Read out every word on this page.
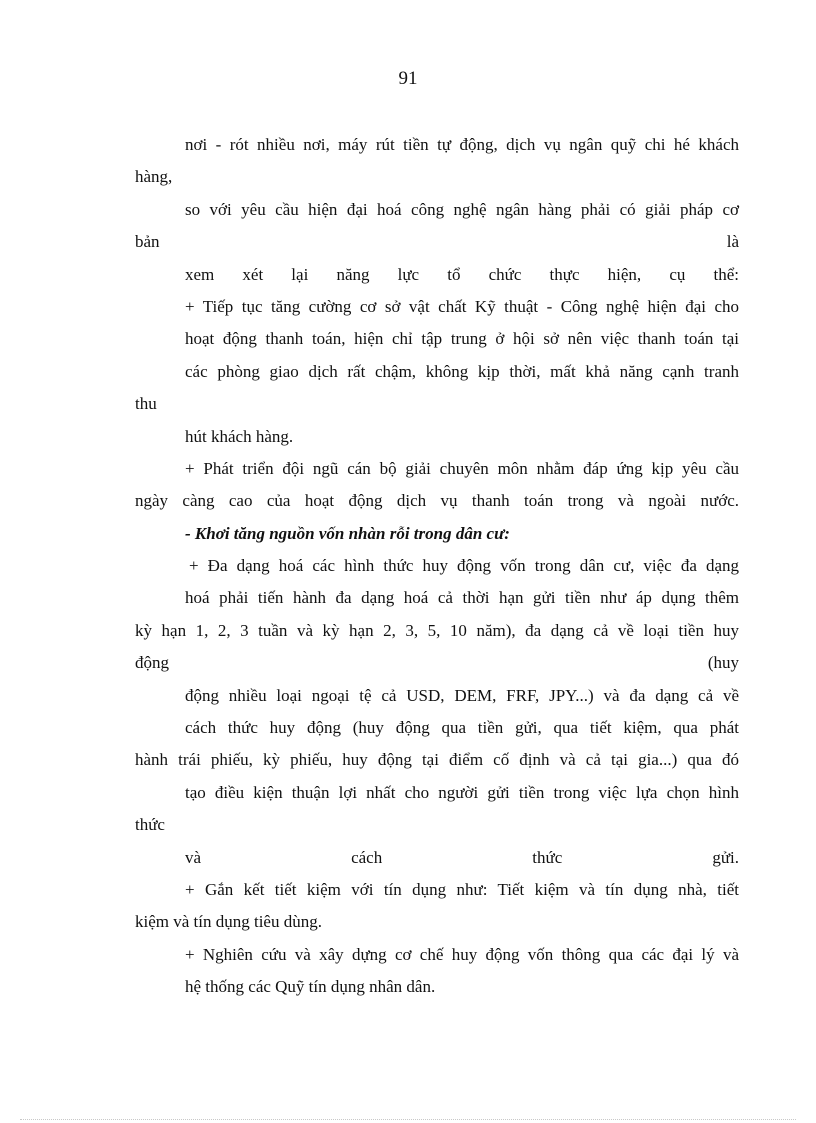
91
nơi - rót nhiều nơi, máy rút tiền tự động, dịch vụ ngân quỹ chi hé khách
hàng,
so với yêu cầu hiện đại hoá công nghệ ngân hàng phải có giải pháp cơ
bản	là
xem xét lại năng lực tổ chức thực hiện, cụ thể:
+ Tiếp tục tăng cường cơ sở vật chất Kỹ thuật - Công nghệ hiện đại cho
hoạt động thanh toán, hiện chỉ tập trung ở hội sở nên việc thanh toán tại
các phòng giao dịch rất chậm, không kịp thời, mất khả năng cạnh tranh
thu
hút khách hàng.
+ Phát triển đội ngũ cán bộ giải chuyên môn nhằm đáp ứng kịp yêu cầu
ngày càng cao của hoạt động dịch vụ thanh toán trong và ngoài nước.
- Khơi tăng nguồn vốn nhàn rỗi trong dân cư:
+ Đa dạng hoá các hình thức huy động vốn trong dân cư, việc đa dạng
hoá phải tiến hành đa dạng hoá cả thời hạn gửi tiền như áp dụng thêm
kỳ hạn 1, 2, 3 tuần và kỳ hạn 2, 3, 5, 10 năm), đa dạng cả về loại tiền huy
động	(huy
động nhiều loại ngoại tệ cả USD, DEM, FRF, JPY...) và đa dạng cả về
cách thức huy động (huy động qua tiền gửi, qua tiết kiệm, qua phát
hành trái phiếu, kỳ phiếu, huy động tại điểm cố định và cả tại gia...) qua đó
tạo điều kiện thuận lợi nhất cho người gửi tiền trong việc lựa chọn hình
thức
và	cách	thức	gửi.
+ Gắn kết tiết kiệm với tín dụng như: Tiết kiệm và tín dụng nhà, tiết
kiệm và tín dụng tiêu dùng.
+ Nghiên cứu và xây dựng cơ chế huy động vốn thông qua các đại lý và
hệ thống các Quỹ tín dụng nhân dân.
